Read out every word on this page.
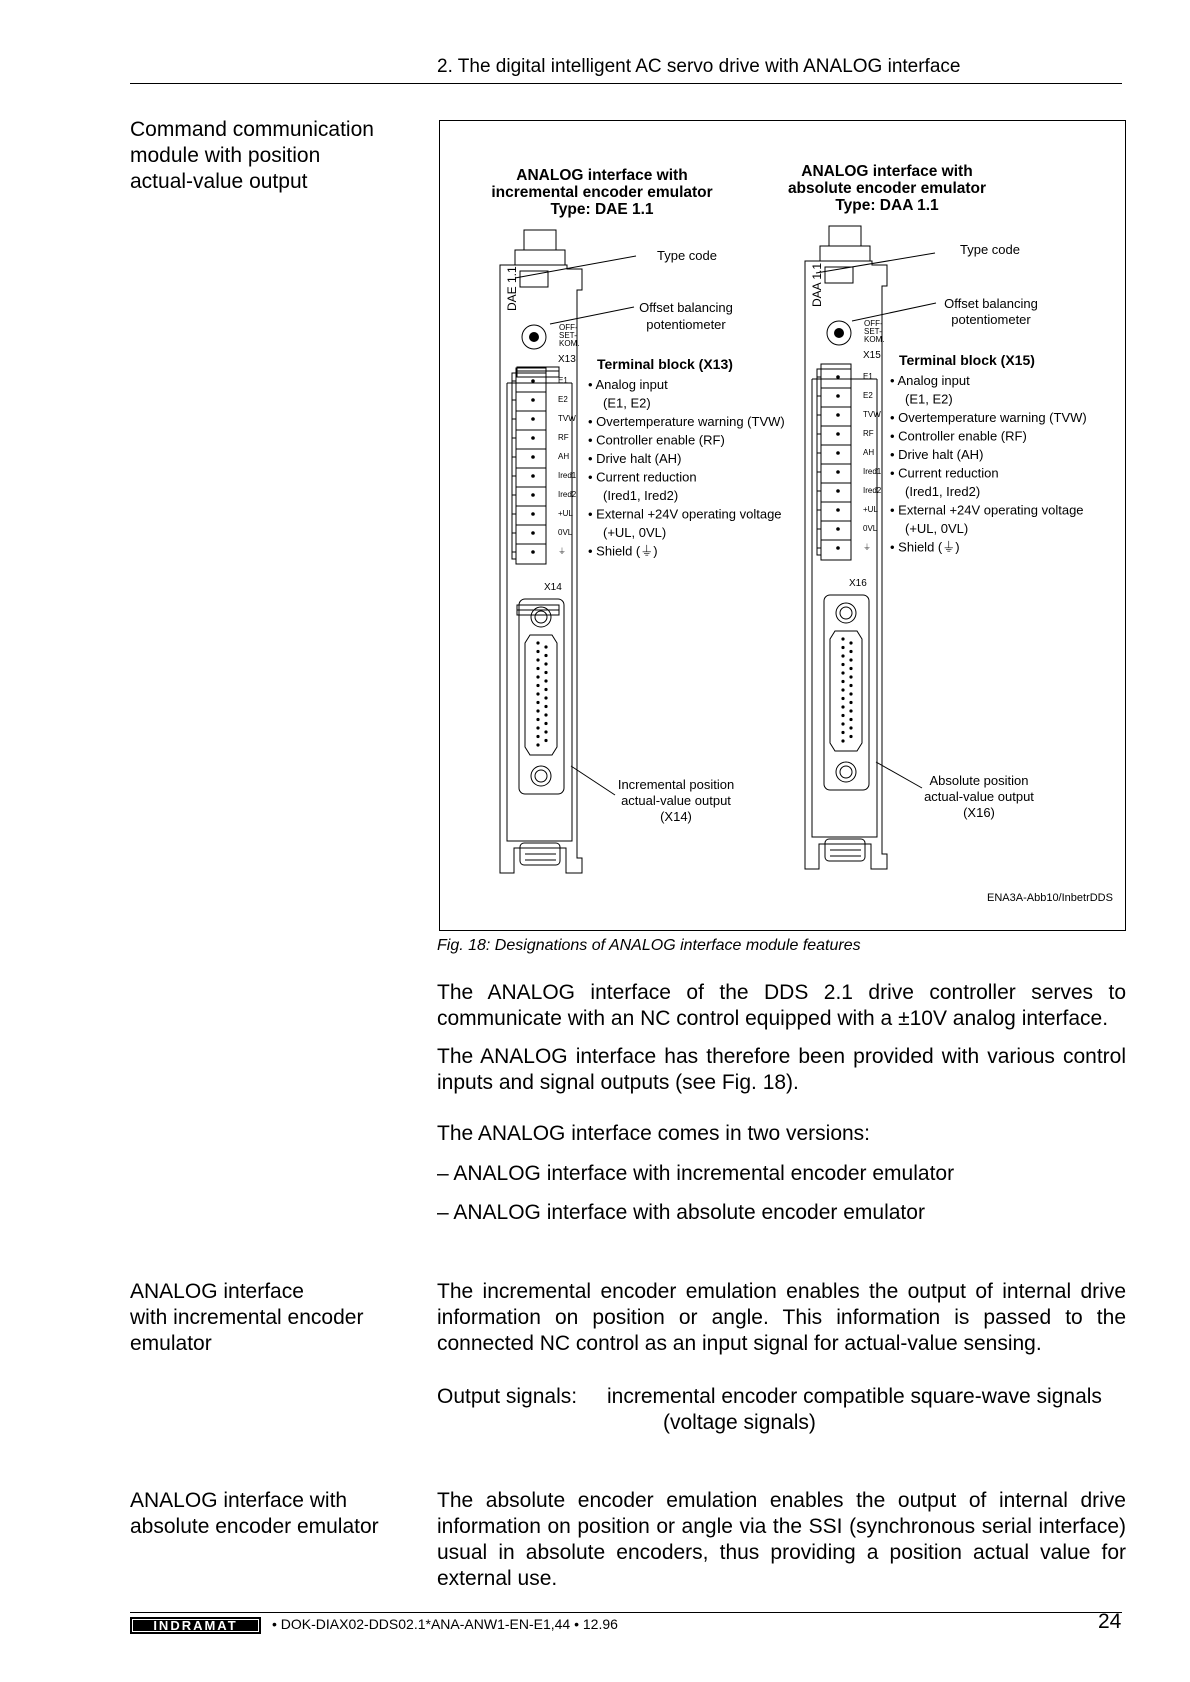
2. The digital intelligent AC servo drive with ANALOG interface
Command communication
module with position
actual-value output	ANALOG interface with
incremental encoder emulator
Type: DAE 1.1
ANALOG interface with
absolute encoder emulator
Type: DAA 1.1
DAE 1.1	DAA 1.1
OFF-
SET-
KOM.
OFF-
SET-
KOM.
X13
X14
X15
X16
E1
E2
TVW
RF
AH
Ired1
Ired2
+UL
0VL
⏚
E1
E2
TVW
RF
AH
Ired1
Ired2
+UL
0VL
⏚
Type code
Offset balancing
potentiometer
Incremental position
actual-value output
(X14)
Type code
Offset balancing
potentiometer
Absolute position
actual-value output
(X16)
Terminal block (X13)	Terminal block (X15)
• Analog input
(E1, E2)
• Overtemperature warning (TVW)
• Controller enable (RF)
• Drive halt (AH)
• Current reduction
(Ired1, Ired2)
• External +24V operating voltage
(+UL, 0VL)
• Shield (⏚)
• Analog input
(E1, E2)
• Overtemperature warning (TVW)
• Controller enable (RF)
• Drive halt (AH)
• Current reduction
(Ired1, Ired2)
• External +24V operating voltage
(+UL, 0VL)
• Shield (⏚)
ENA3A-Abb10/InbetrDDS
Fig. 18: Designations of ANALOG interface module features
The ANALOG interface of the DDS 2.1 drive controller serves to communicate with an NC control equipped with a ±10V analog interface.
The ANALOG interface has therefore been provided with various control inputs and signal outputs (see Fig. 18).
The ANALOG interface comes in two versions:
– ANALOG interface with incremental encoder emulator
– ANALOG interface with absolute encoder emulator
ANALOG interface
with incremental encoder
emulator
The incremental encoder emulation enables the output of internal drive information on position or angle. This information is passed to the connected NC control as an input signal for actual-value sensing.
Output signals: incremental encoder compatible square-wave signals
(voltage signals)
ANALOG interface with
absolute encoder emulator
The absolute encoder emulation enables the output of internal drive information on position or angle via the SSI (synchronous serial interface) usual in absolute encoders, thus providing a position actual value for external use.
INDRAMAT • DOK-DIAX02-DDS02.1*ANA-ANW1-EN-E1,44 • 12.96	24
